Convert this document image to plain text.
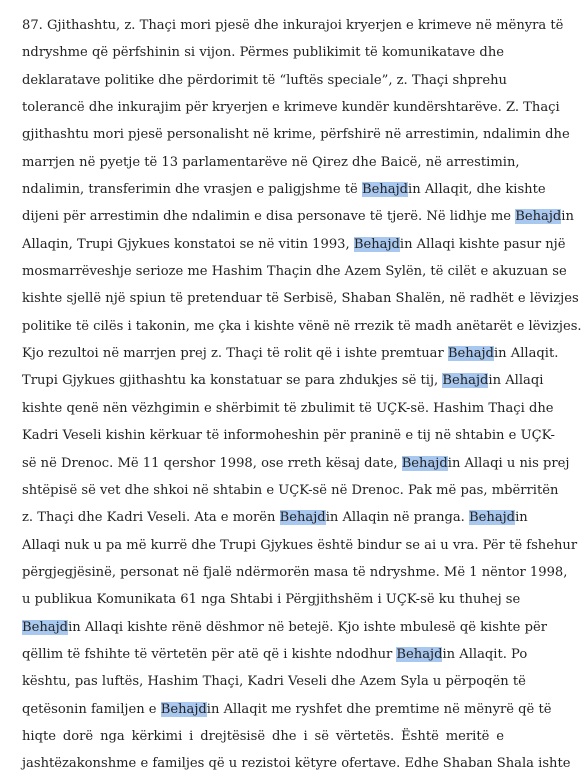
87. Gjithashtu, z. Thaçi mori pjesë dhe inkurajoi kryerjen e krimeve në mënyra të
ndryshme që përfshinin si vijon. Përmes publikimit të komunikatave dhe
deklaratave politike dhe përdorimit të “luftës speciale”, z. Thaçi shprehu
tolerancë dhe inkurajim për kryerjen e krimeve kundër kundërshtarëve. Z. Thaçi
gjithashtu mori pjesë personalisht në krime, përfshirë në arrestimin, ndalimin dhe
marrjen në pyetje të 13 parlamentarëve në Qirez dhe Baicë, në arrestimin,
ndalimin, transferimin dhe vrasjen e paligjshme të Behajdin Allaqit, dhe kishte
dijeni për arrestimin dhe ndalimin e disa personave të tjerë. Në lidhje me Behajdin
Allaqin, Trupi Gjykues konstatoi se në vitin 1993, Behajdin Allaqi kishte pasur një
mosmarrëveshje serioze me Hashim Thaçin dhe Azem Sylën, të cilët e akuzuan se
kishte sjellë një spiun të pretenduar të Serbisë, Shaban Shalën, në radhët e lëvizjes
politike të cilës i takonin, me çka i kishte vënë në rrezik të madh anëtarët e lëvizjes.
Kjo rezultoi në marrjen prej z. Thaçi të rolit që i ishte premtuar Behajdin Allaqit.
Trupi Gjykues gjithashtu ka konstatuar se para zhdukjes së tij, Behajdin Allaqi
kishte qenë nën vëzhgimin e shërbimit të zbulimit të UÇK-së. Hashim Thaçi dhe
Kadri Veseli kishin kërkuar të informoheshin për praninë e tij në shtabin e UÇK-
së në Drenoc. Më 11 qershor 1998, ose rreth kësaj date, Behajdin Allaqi u nis prej
shtëpisë së vet dhe shkoi në shtabin e UÇK-së në Drenoc. Pak më pas, mbërritën
z. Thaçi dhe Kadri Veseli. Ata e morën Behajdin Allaqin në pranga. Behajdin
Allaqi nuk u pa më kurrë dhe Trupi Gjykues është bindur se ai u vra. Për të fshehur
përgjegjësinë, personat në fjalë ndërmorën masa të ndryshme. Më 1 nëntor 1998,
u publikua Komunikata 61 nga Shtabi i Përgjithshëm i UÇK-së ku thuhej se
Behajdin Allaqi kishte rënë dëshmor në betejë. Kjo ishte mbulesë që kishte për
qëllim të fshihte të vërtetën për atë që i kishte ndodhur Behajdin Allaqit. Po
kështu, pas luftës, Hashim Thaçi, Kadri Veseli dhe Azem Syla u përpoqën të
qetësonin familjen e Behajdin Allaqit me ryshfet dhe premtime në mënyrë që të
hiqte dorë nga kërkimi i drejtësisë dhe i së vërtetës. Është meritë e
jashtëzakonshme e familjes që u rezistoi këtyre ofertave. Edhe Shaban Shala ishte
